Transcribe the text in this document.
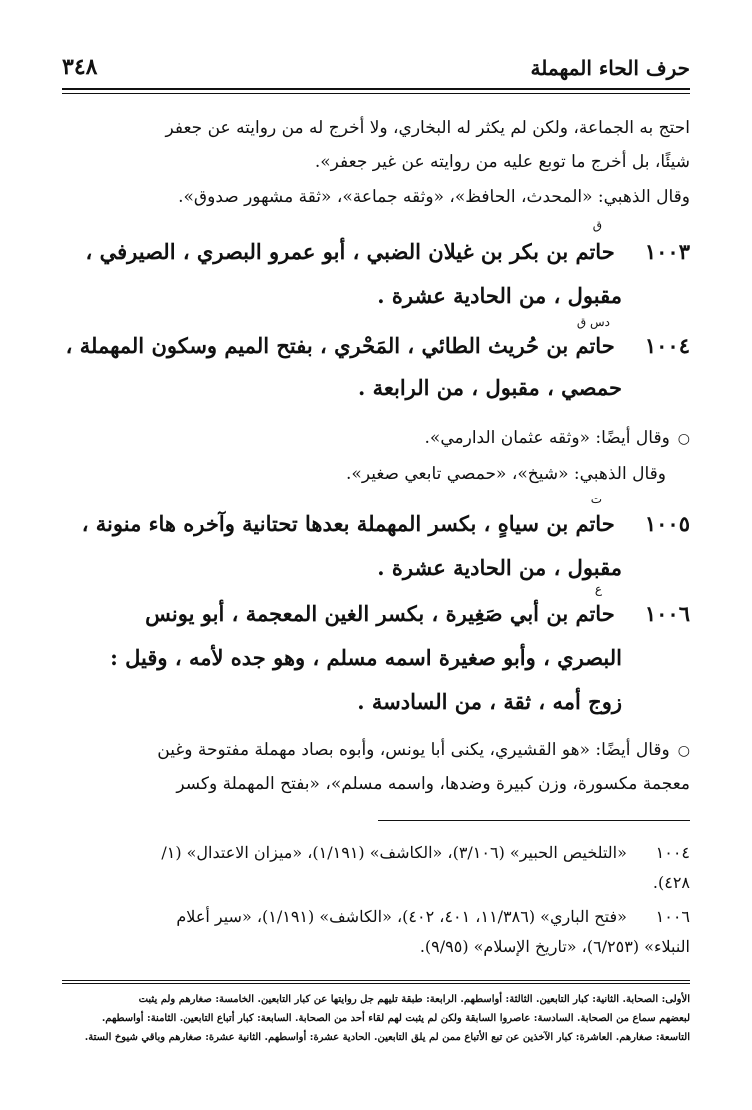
حرف الحاء المهملة
٣٤٨
احتج به الجماعة، ولكن لم يكثر له البخاري، ولا أخرج له من روايته عن جعفر
شيئًا، بل أخرج ما توبع عليه من روايته عن غير جعفر».
وقال الذهبي: «المحدث، الحافظ»، «وثقه جماعة»، «ثقة مشهور صدوق».
ق
١٠٠٣ حاتم بن بكر بن غيلان الضبي ، أبو عمرو البصري ، الصيرفي ،
مقبول ، من الحادية عشرة .
دس ق
١٠٠٤ حاتم بن حُريث الطائي ، المَحْري ، بفتح الميم وسكون المهملة ،
حمصي ، مقبول ، من الرابعة .
○وقال أيضًا: «وثقه عثمان الدارمي».
وقال الذهبي: «شيخ»، «حمصي تابعي صغير».
ت
١٠٠٥ حاتم بن سياهٍ ، بكسر المهملة بعدها تحتانية وآخره هاء منونة ،
مقبول ، من الحادية عشرة .
ع
١٠٠٦ حاتم بن أبي صَغِيرة ، بكسر الغين المعجمة ، أبو يونس
البصري ، وأبو صغيرة اسمه مسلم ، وهو جده لأمه ، وقيل :
زوج أمه ، ثقة ، من السادسة .
○وقال أيضًا: «هو القشيري، يكنى أبا يونس، وأبوه بصاد مهملة مفتوحة وغين
معجمة مكسورة، وزن كبيرة وضدها، واسمه مسلم»، «بفتح المهملة وكسر
١٠٠٤ «التلخيص الحبير» (٣/١٠٦)، «الكاشف» (١/١٩١)، «ميزان الاعتدال» (١/
٤٢٨).
١٠٠٦ «فتح الباري» (١١/٣٨٦، ٤٠١، ٤٠٢)، «الكاشف» (١/١٩١)، «سير أعلام
النبلاء» (٦/٢٥٣)، «تاريخ الإسلام» (٩/٩٥).
الأولى: الصحابة. الثانية: كبار التابعين. الثالثة: أواسطهم. الرابعة: طبقة تليهم جل روايتها عن كبار التابعين. الخامسة: صغارهم ولم يثبت
لبعضهم سماع من الصحابة. السادسة: عاصروا السابقة ولكن لم يثبت لهم لقاء أحد من الصحابة. السابعة: كبار أتباع التابعين. الثامنة: أواسطهم.
التاسعة: صغارهم. العاشرة: كبار الآخذين عن تبع الأتباع ممن لم يلق التابعين. الحادية عشرة: أواسطهم. الثانية عشرة: صغارهم وباقي شيوخ الستة.
